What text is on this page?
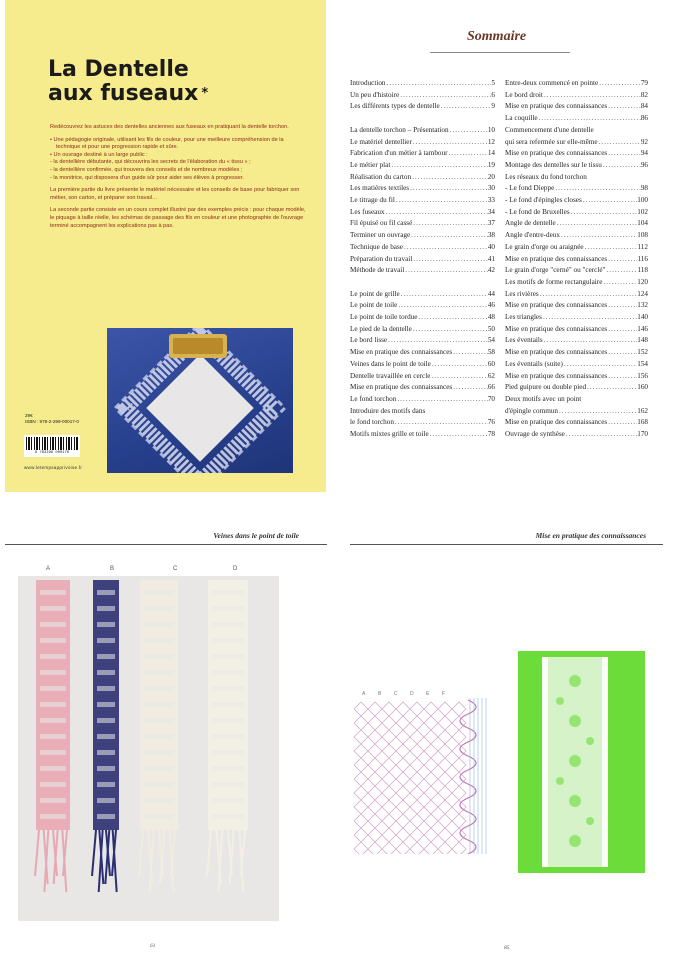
La Dentelle
aux fuseaux *

Redécouvrez les astuces des dentelles anciennes aux fuseaux en pratiquant la dentelle torchon.

• Une pédagogie originale, utilisant les fils de couleur, pour une meilleure compréhension de la technique et pour une progression rapide et sûre.
• Un ouvrage destiné à un large public :
- la dentellière débutante, qui découvrira les secrets de l'élaboration du « tissu » ;
- la dentellière confirmée, qui trouvera des conseils et de nombreux modèles ;
- la monitrice, qui disposera d'un guide sûr pour aider ses élèves à progresser.

La première partie du livre présente le matériel nécessaire et les conseils de base pour fabriquer son métier, son carton, et préparer son travail…

La seconde partie consiste en un cours complet illustré par des exemples précis : pour chaque modèle, le piquage à taille réelle, les schémas de passage des fils en couleur et une photographie de l'ouvrage terminé accompagnent les explications pas à pas.

29€
ISBN : 978-2-299-00017-0
9 782299 000170
www.letempsapprivoise.fr
Sommaire
Introduction .....	5
Un peu d'histoire .....	6
Les différents types de dentelle .....	9
La dentelle torchon – Présentation .....	10
Le matériel dentellier .....	12
Fabrication d'un métier à tambour .....	14
Le métier plat .....	19
Réalisation du carton .....	20
Les matières textiles .....	30
Le titrage du fil .....	33
Les fuseaux .....	34
Fil épuisé ou fil cassé .....	37
Terminer un ouvrage .....	38
Technique de base .....	40
Préparation du travail .....	41
Méthode de travail .....	42
Le point de grille .....	44
Le point de toile .....	46
Le point de toile tordue .....	48
Le pied de la dentelle .....	50
Le bord lisse .....	54
Mise en pratique des connaissances .....	58
Veines dans le point de toile .....	60
Dentelle travaillée en cercle .....	62
Mise en pratique des connaissances .....	66
Le fond torchon .....	70
Introduire des motifs dans
le fond torchon .....	76
Motifs mixtes grille et toile .....	78
Entre-deux commencé en pointe .....	79
Le bord droit .....	82
Mise en pratique des connaissances .....	84
La coquille .....	86
Commencement d'une dentelle
qui sera refermée sur elle-même .....	92
Mise en pratique des connaissances .....	94
Montage des dentelles sur le tissu .....	96
Les réseaux du fond torchon
- Le fond Dieppe .....	98
- Le fond d'épingles closes .....	100
- Le fond de Bruxelles .....	102
Angle de dentelle .....	104
Angle d'entre-deux .....	108
Le grain d'orge ou araignée .....	112
Mise en pratique des connaissances .....	116
Le grain d'orge "cerné" ou "cerclé" .....	118
Les motifs de forme rectangulaire .....	120
Les rivières .....	124
Mise en pratique des connaissances .....	132
Les triangles .....	140
Mise en pratique des connaissances .....	146
Les éventails .....	148
Mise en pratique des connaissances .....	152
Les éventails (suite) .....	154
Mise en pratique des connaissances .....	156
Pied guipure ou double pied .....	160
Deux motifs avec un point
d'épingle commun .....	162
Mise en pratique des connaissances .....	168
Ouvrage de synthèse .....	170
Veines dans le point de toile
A	B	C	D
61
Mise en pratique des connaissances
A	B	C D E	F
85
